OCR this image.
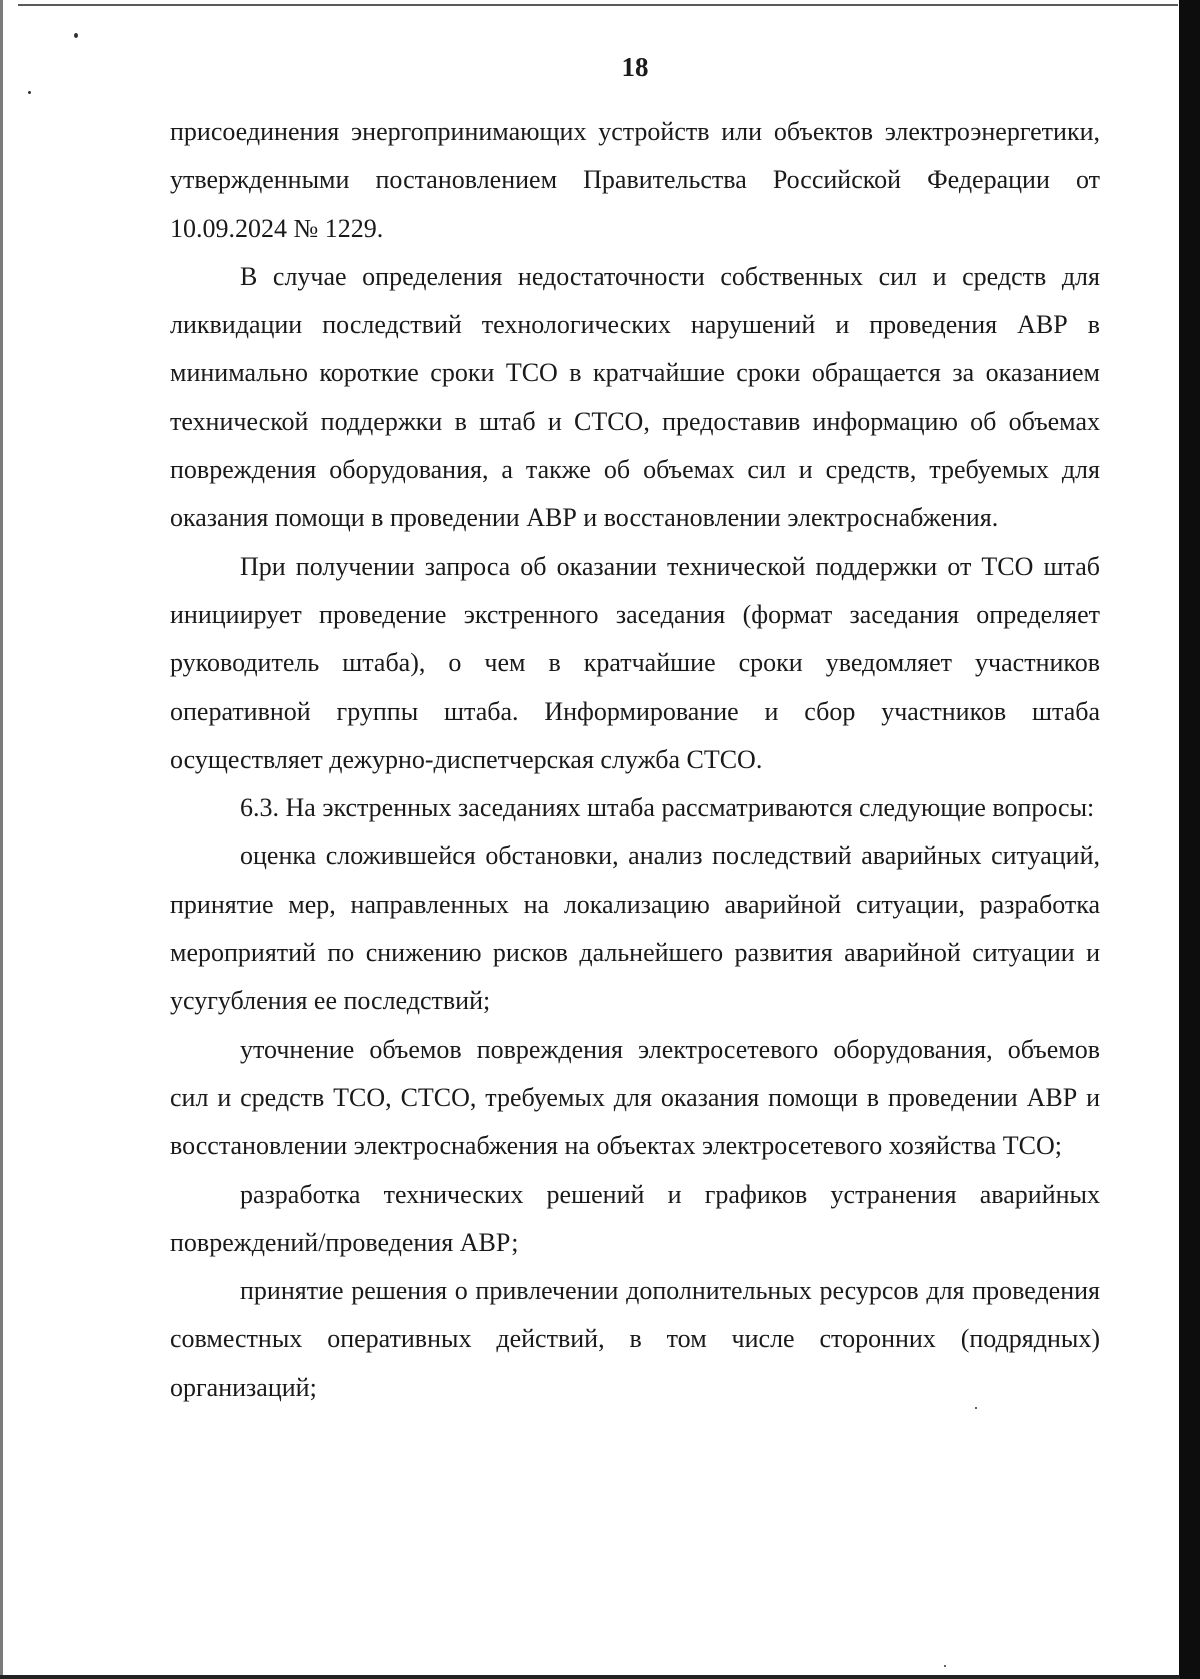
18

присоединения энергопринимающих устройств или объектов электроэнергетики, утвержденными постановлением Правительства Российской Федерации от 10.09.2024 № 1229.

В случае определения недостаточности собственных сил и средств для ликвидации последствий технологических нарушений и проведения АВР в минимально короткие сроки ТСО в кратчайшие сроки обращается за оказанием технической поддержки в штаб и СТСО, предоставив информацию об объемах повреждения оборудования, а также об объемах сил и средств, требуемых для оказания помощи в проведении АВР и восстановлении электроснабжения.

При получении запроса об оказании технической поддержки от ТСО штаб инициирует проведение экстренного заседания (формат заседания определяет руководитель штаба), о чем в кратчайшие сроки уведомляет участников оперативной группы штаба. Информирование и сбор участников штаба осуществляет дежурно-диспетчерская служба СТСО.

6.3. На экстренных заседаниях штаба рассматриваются следующие вопросы:

оценка сложившейся обстановки, анализ последствий аварийных ситуаций, принятие мер, направленных на локализацию аварийной ситуации, разработка мероприятий по снижению рисков дальнейшего развития аварийной ситуации и усугубления ее последствий;

уточнение объемов повреждения электросетевого оборудования, объемов сил и средств ТСО, СТСО, требуемых для оказания помощи в проведении АВР и восстановлении электроснабжения на объектах электросетевого хозяйства ТСО;

разработка технических решений и графиков устранения аварийных повреждений/проведения АВР;

принятие решения о привлечении дополнительных ресурсов для проведения совместных оперативных действий, в том числе сторонних (подрядных) организаций;
